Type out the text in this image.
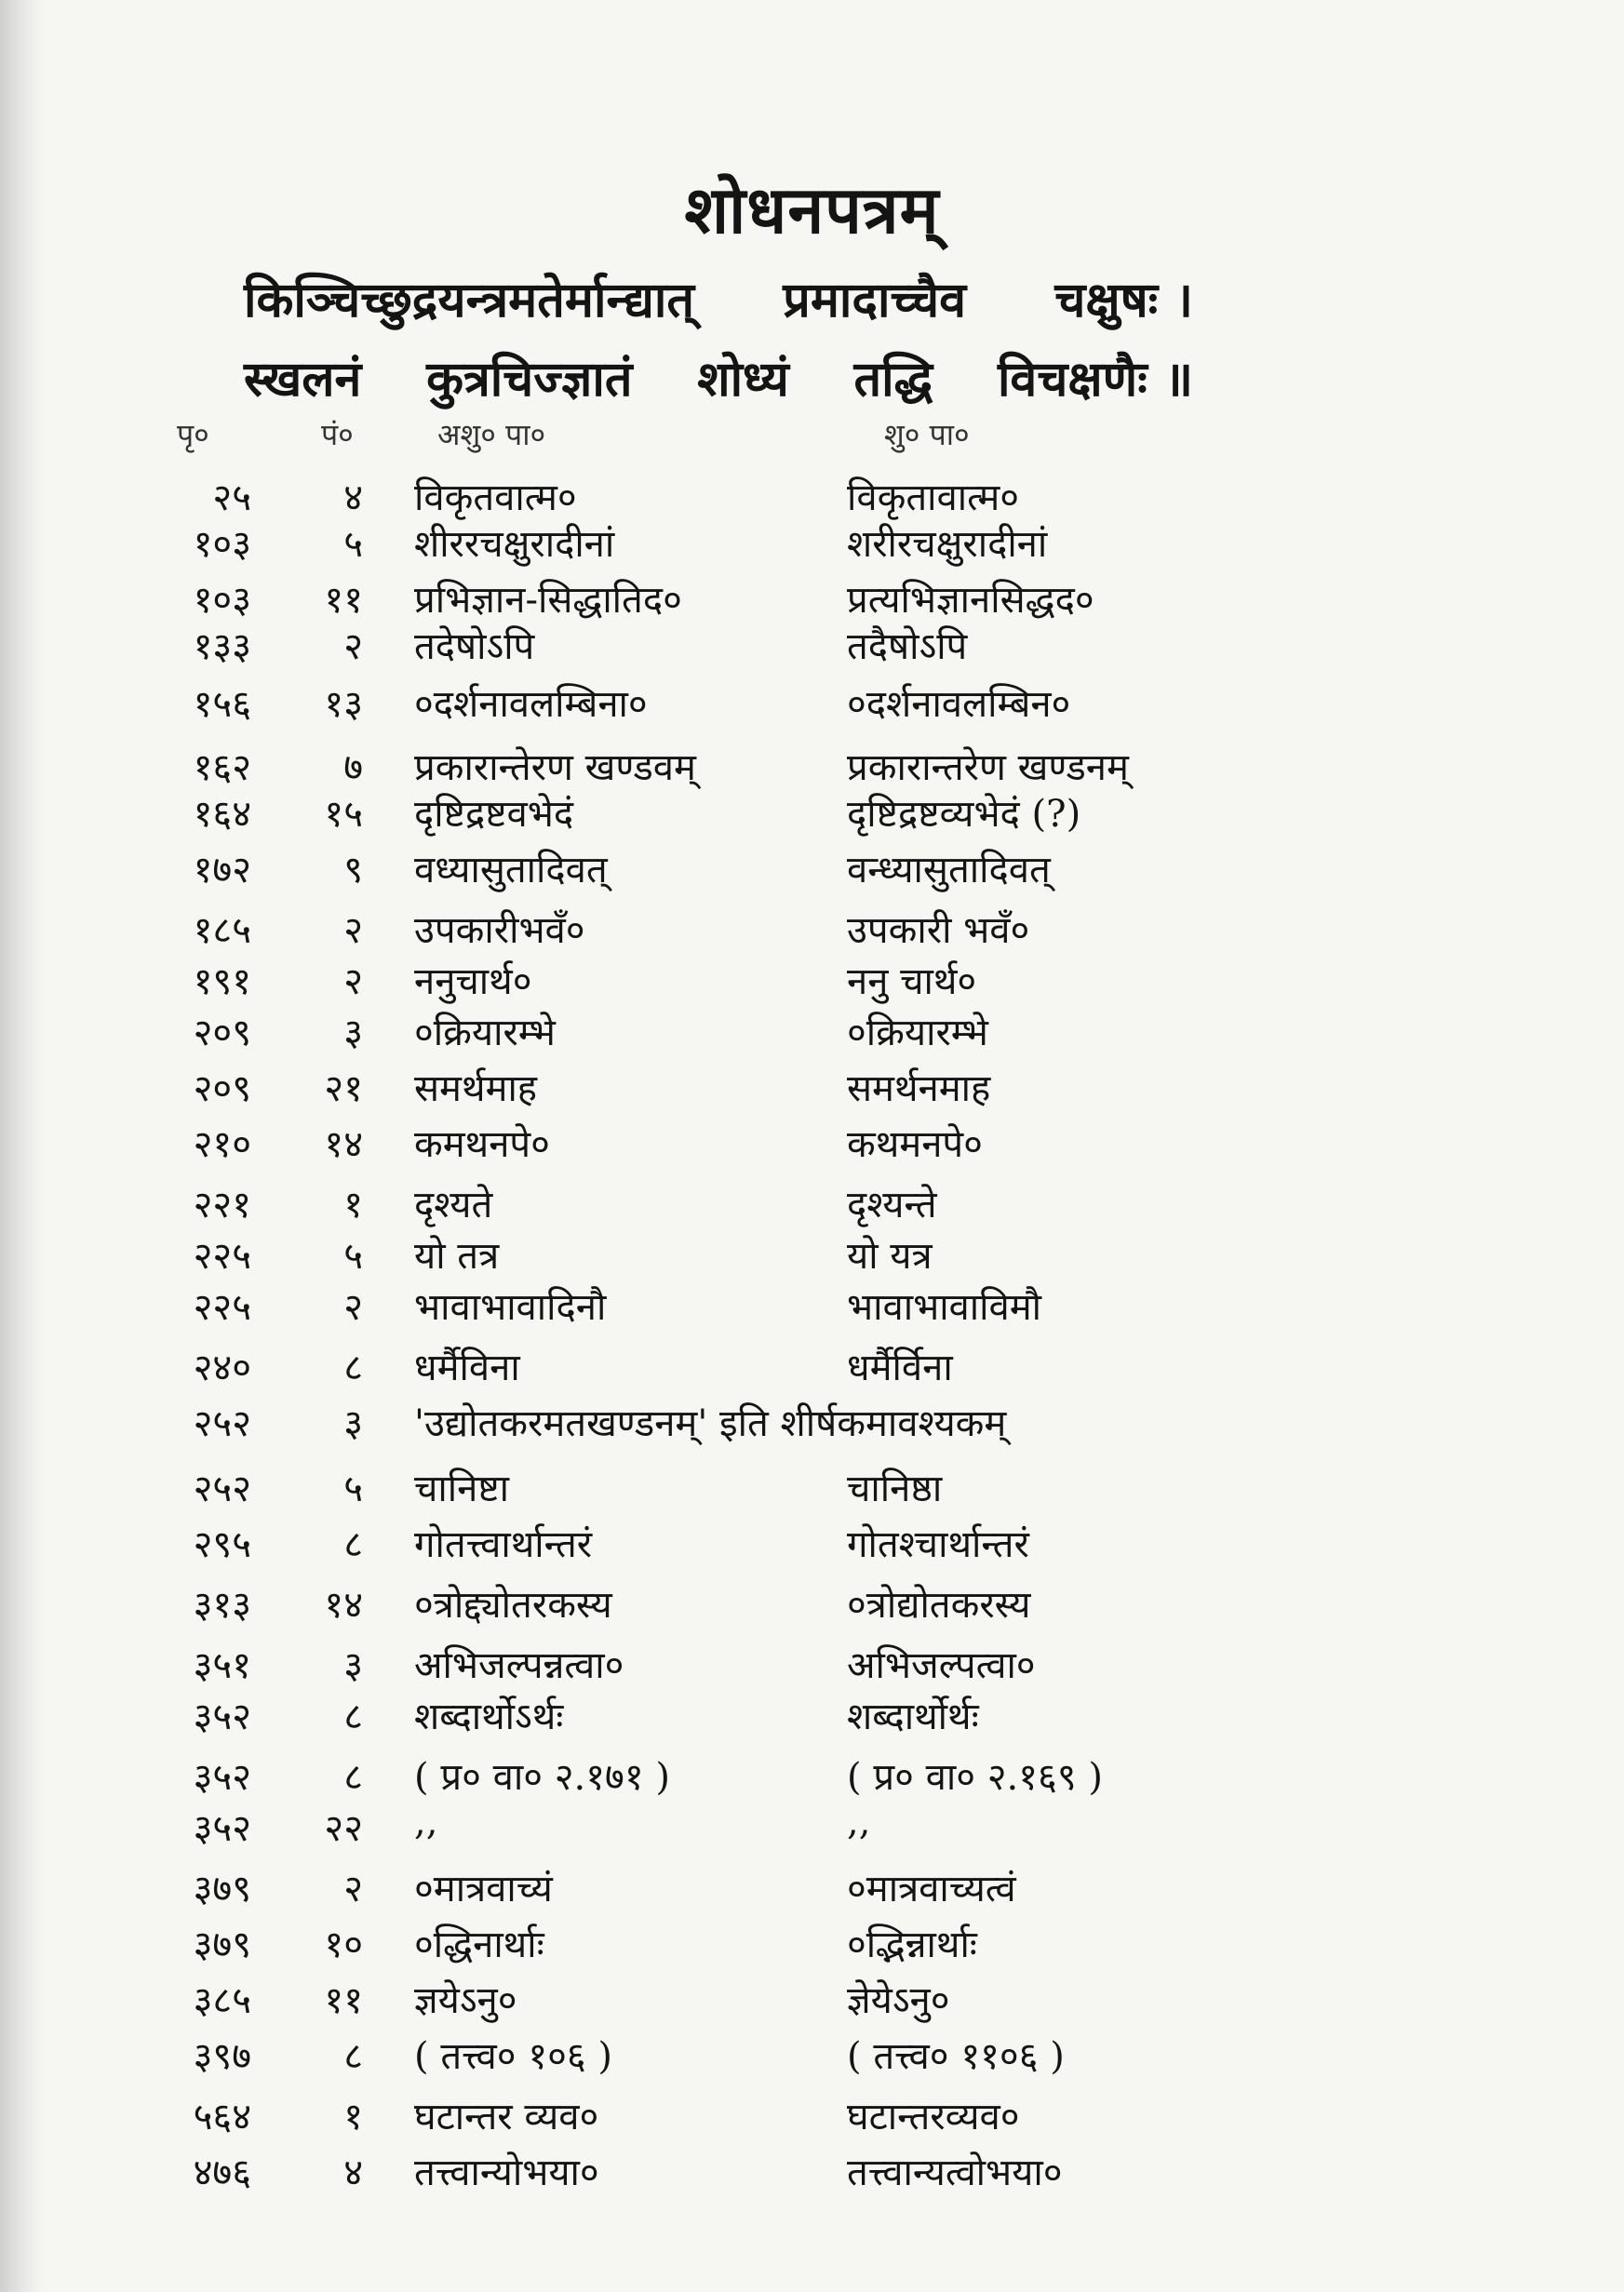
शोधनपत्रम्
किञ्चिच्छुद्रयन्त्रमतेर्मान्द्यात् प्रमादाच्चैव चक्षुषः ।
स्खलनं कुत्रचिज्ज्ञातं शोध्यं तद्धि विचक्षणैः ॥
पृ०	पं०	अशु० पा०	शु० पा०
२५	४ विकृतवात्म०	विकृतावात्म०
१०३	५ शीररचक्षुरादीनां	शरीरचक्षुरादीनां
१०३	११ प्रभिज्ञान-सिद्धातिद०	प्रत्यभिज्ञानसिद्धद०
१३३	२ तदेषोऽपि	तदैषोऽपि
१५६	१३ ०दर्शनावलम्बिना०	०दर्शनावलम्बिन०
१६२	७ प्रकारान्तेरण खण्डवम्	प्रकारान्तरेण खण्डनम्
१६४	१५ दृष्टिद्रष्टवभेदं	दृष्टिद्रष्टव्यभेदं (?)
१७२	९ वध्यासुतादिवत्	वन्ध्यासुतादिवत्
१८५	२ उपकारीभवँ०	उपकारी भवँ०
१९१	२ ननुचार्थ०	ननु चार्थ०
२०९	३ ०क्रियारम्भे	०क्रियारम्भे
२०९	२१ समर्थमाह	समर्थनमाह
२१०	१४ कमथनपे०	कथमनपे०
२२१	१ दृश्यते	दृश्यन्ते
२२५	५ यो तत्र	यो यत्र
२२५	२ भावाभावादिनौ	भावाभावाविमौ
२४०	८ धर्मैविना	धर्मैर्विना
२५२	३ 'उद्योतकरमतखण्डनम्' इति शीर्षकमावश्यकम्
२५२	५ चानिष्टा	चानिष्ठा
२९५	८ गोतत्त्वार्थान्तरं	गोतश्चार्थान्तरं
३१३	१४ ०त्रोद्द्योतरकस्य	०त्रोद्योतकरस्य
३५१	३ अभिजल्पन्नत्वा०	अभिजल्पत्वा०
३५२	८ शब्दार्थोऽर्थः	शब्दार्थोर्थः
३५२	८ ( प्र० वा० २.१७१ )	( प्र० वा० २.१६९ )
३५२	२२ ,,	,,
३७९	२ ०मात्रवाच्यं	०मात्रवाच्यत्वं
३७९	१० ०द्धिनार्थाः	०द्भिन्नार्थाः
३८५	११ ज्ञयेऽनु०	ज्ञेयेऽनु०
३९७	८ ( तत्त्व० १०६ )	( तत्त्व० ११०६ )
५६४	१ घटान्तर व्यव०	घटान्तरव्यव०
४७६	४ तत्त्वान्योभया०	तत्त्वान्यत्वोभया०
